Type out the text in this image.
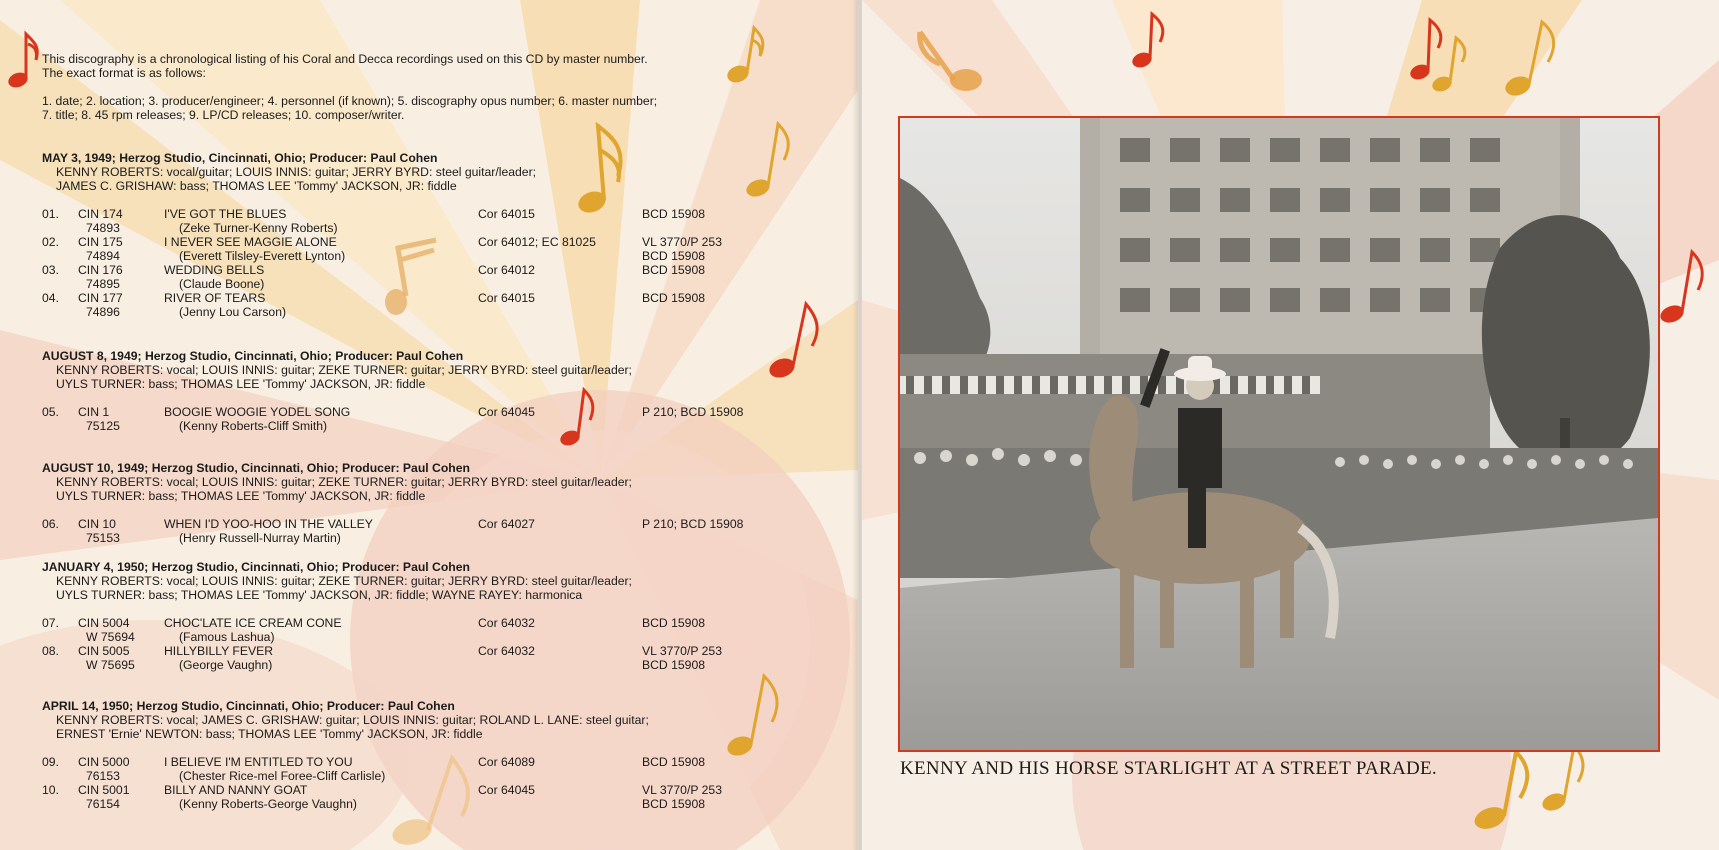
This discography is a chronological listing of his Coral and Decca recordings used on this CD by master number.

The exact format is as follows:

1. date; 2. location; 3. producer/engineer; 4. personnel (if known); 5. discography opus number; 6. master number;

7. title; 8. 45 rpm releases; 9. LP/CD releases; 10. composer/writer.

MAY 3, 1949; Herzog Studio, Cincinnati, Ohio; Producer: Paul Cohen
KENNY ROBERTS: vocal/guitar; LOUIS INNIS: guitar; JERRY BYRD: steel guitar/leader;
JAMES C. GRISHAW: bass; THOMAS LEE 'Tommy' JACKSON, JR: fiddle
01. CIN 174	I'VE GOT THE BLUES	Cor 64015	BCD 15908
74893	(Zeke Turner-Kenny Roberts)
02. CIN 175	I NEVER SEE MAGGIE ALONE	Cor 64012; EC 81025	VL 3770/P 253
74894	(Everett Tilsley-Everett Lynton)	BCD 15908
03. CIN 176	WEDDING BELLS	Cor 64012	BCD 15908
74895	(Claude Boone)
04. CIN 177	RIVER OF TEARS	Cor 64015	BCD 15908
74896	(Jenny Lou Carson)
AUGUST 8, 1949; Herzog Studio, Cincinnati, Ohio; Producer: Paul Cohen
KENNY ROBERTS: vocal; LOUIS INNIS: guitar; ZEKE TURNER: guitar; JERRY BYRD: steel guitar/leader;
UYLS TURNER: bass; THOMAS LEE 'Tommy' JACKSON, JR: fiddle
05. CIN 1	BOOGIE WOOGIE YODEL SONG	Cor 64045	P 210; BCD 15908
75125	(Kenny Roberts-Cliff Smith)
AUGUST 10, 1949; Herzog Studio, Cincinnati, Ohio; Producer: Paul Cohen
KENNY ROBERTS: vocal; LOUIS INNIS: guitar; ZEKE TURNER: guitar; JERRY BYRD: steel guitar/leader;
UYLS TURNER: bass; THOMAS LEE 'Tommy' JACKSON, JR: fiddle
06. CIN 10	WHEN I'D YOO-HOO IN THE VALLEY	Cor 64027	P 210; BCD 15908
75153	(Henry Russell-Nurray Martin)
JANUARY 4, 1950; Herzog Studio, Cincinnati, Ohio; Producer: Paul Cohen
KENNY ROBERTS: vocal; LOUIS INNIS: guitar; ZEKE TURNER: guitar; JERRY BYRD: steel guitar/leader;
UYLS TURNER: bass; THOMAS LEE 'Tommy' JACKSON, JR: fiddle; WAYNE RAYEY: harmonica
07. CIN 5004	CHOC'LATE ICE CREAM CONE	Cor 64032	BCD 15908
W 75694	(Famous Lashua)
08. CIN 5005	HILLYBILLY FEVER	Cor 64032	VL 3770/P 253
W 75695	(George Vaughn)	BCD 15908
APRIL 14, 1950; Herzog Studio, Cincinnati, Ohio; Producer: Paul Cohen
KENNY ROBERTS: vocal; JAMES C. GRISHAW: guitar; LOUIS INNIS: guitar; ROLAND L. LANE: steel guitar;
ERNEST 'Ernie' NEWTON: bass; THOMAS LEE 'Tommy' JACKSON, JR: fiddle
09. CIN 5000	I BELIEVE I'M ENTITLED TO YOU	Cor 64089	BCD 15908
76153	(Chester Rice-mel Foree-Cliff Carlisle)
10. CIN 5001	BILLY AND NANNY GOAT	Cor 64045	VL 3770/P 253
76154	(Kenny Roberts-George Vaughn)	BCD 15908
KENNY AND HIS HORSE STARLIGHT AT A STREET PARADE.
